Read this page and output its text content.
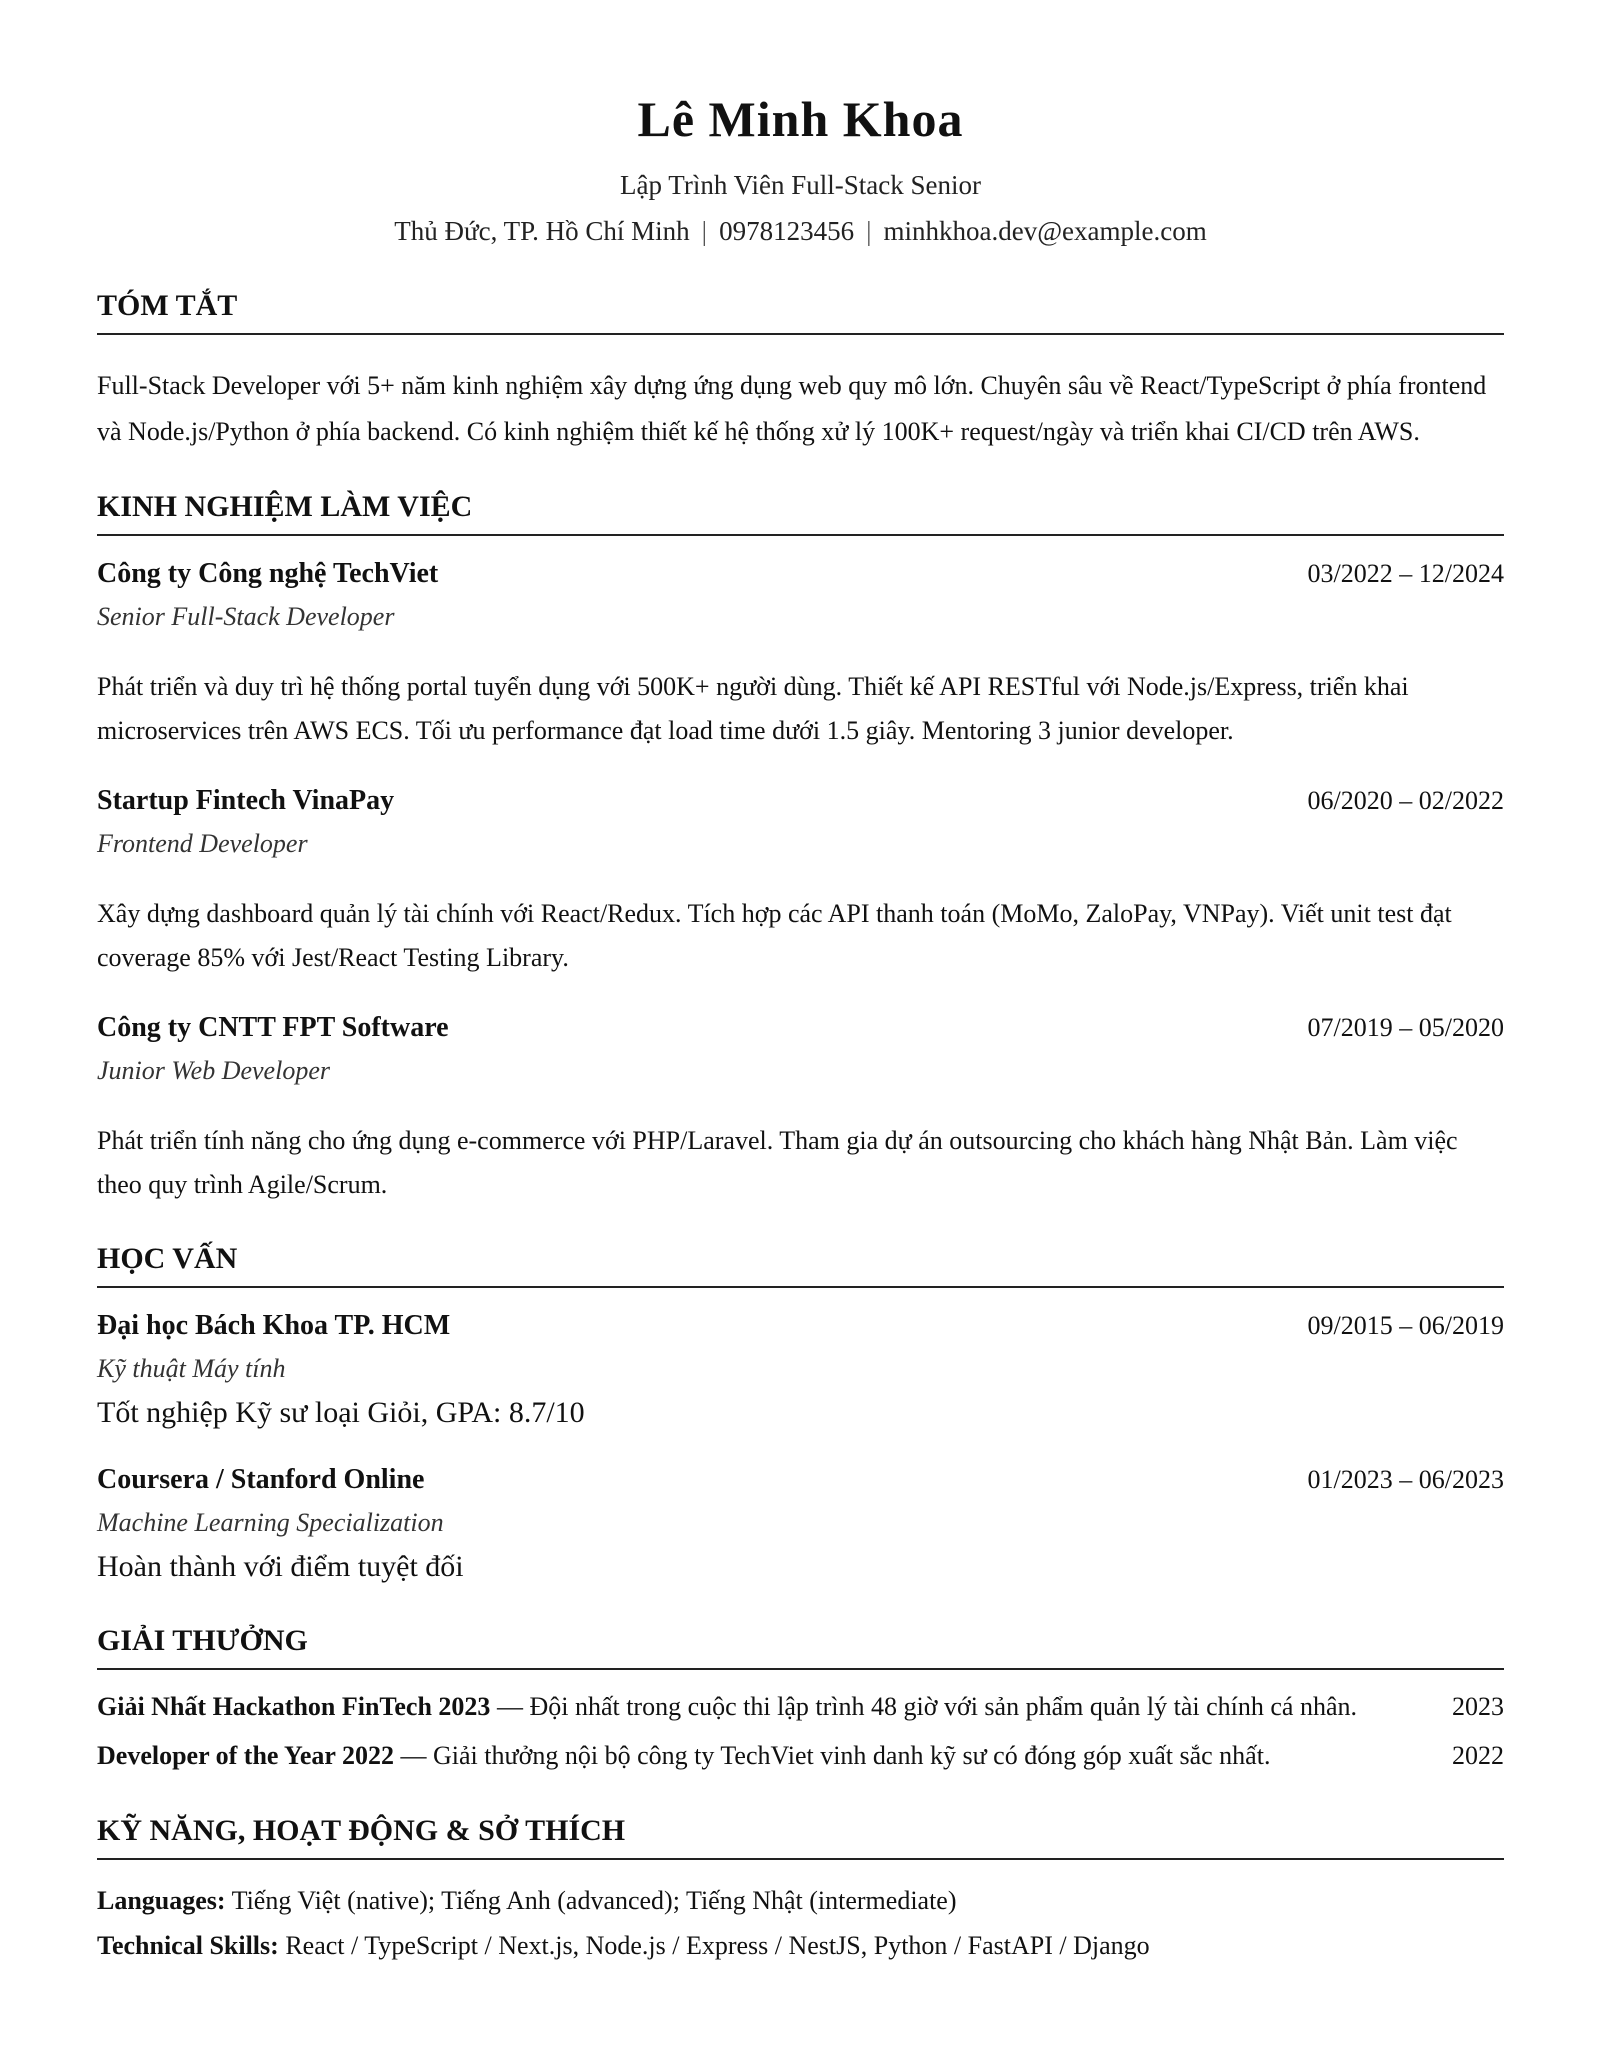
Lê Minh Khoa
Lập Trình Viên Full-Stack Senior
Thủ Đức, TP. Hồ Chí Minh | 0978123456 | minhkhoa.dev@example.com
TÓM TẮT
Full-Stack Developer với 5+ năm kinh nghiệm xây dựng ứng dụng web quy mô lớn. Chuyên sâu về React/TypeScript ở phía frontend và Node.js/Python ở phía backend. Có kinh nghiệm thiết kế hệ thống xử lý 100K+ request/ngày và triển khai CI/CD trên AWS.
KINH NGHIỆM LÀM VIỆC
Công ty Công nghệ TechViet	03/2022 – 12/2024
Senior Full-Stack Developer
Phát triển và duy trì hệ thống portal tuyển dụng với 500K+ người dùng. Thiết kế API RESTful với Node.js/Express, triển khai microservices trên AWS ECS. Tối ưu performance đạt load time dưới 1.5 giây. Mentoring 3 junior developer.
Startup Fintech VinaPay	06/2020 – 02/2022
Frontend Developer
Xây dựng dashboard quản lý tài chính với React/Redux. Tích hợp các API thanh toán (MoMo, ZaloPay, VNPay). Viết unit test đạt coverage 85% với Jest/React Testing Library.
Công ty CNTT FPT Software	07/2019 – 05/2020
Junior Web Developer
Phát triển tính năng cho ứng dụng e-commerce với PHP/Laravel. Tham gia dự án outsourcing cho khách hàng Nhật Bản. Làm việc theo quy trình Agile/Scrum.
HỌC VẤN
Đại học Bách Khoa TP. HCM	09/2015 – 06/2019
Kỹ thuật Máy tính
Tốt nghiệp Kỹ sư loại Giỏi, GPA: 8.7/10
Coursera / Stanford Online	01/2023 – 06/2023
Machine Learning Specialization
Hoàn thành với điểm tuyệt đối
GIẢI THƯỞNG
Giải Nhất Hackathon FinTech 2023 — Đội nhất trong cuộc thi lập trình 48 giờ với sản phẩm quản lý tài chính cá nhân.	2023
Developer of the Year 2022 — Giải thưởng nội bộ công ty TechViet vinh danh kỹ sư có đóng góp xuất sắc nhất.	2022
KỸ NĂNG, HOẠT ĐỘNG & SỞ THÍCH
Languages: Tiếng Việt (native); Tiếng Anh (advanced); Tiếng Nhật (intermediate)
Technical Skills: React / TypeScript / Next.js, Node.js / Express / NestJS, Python / FastAPI / Django
